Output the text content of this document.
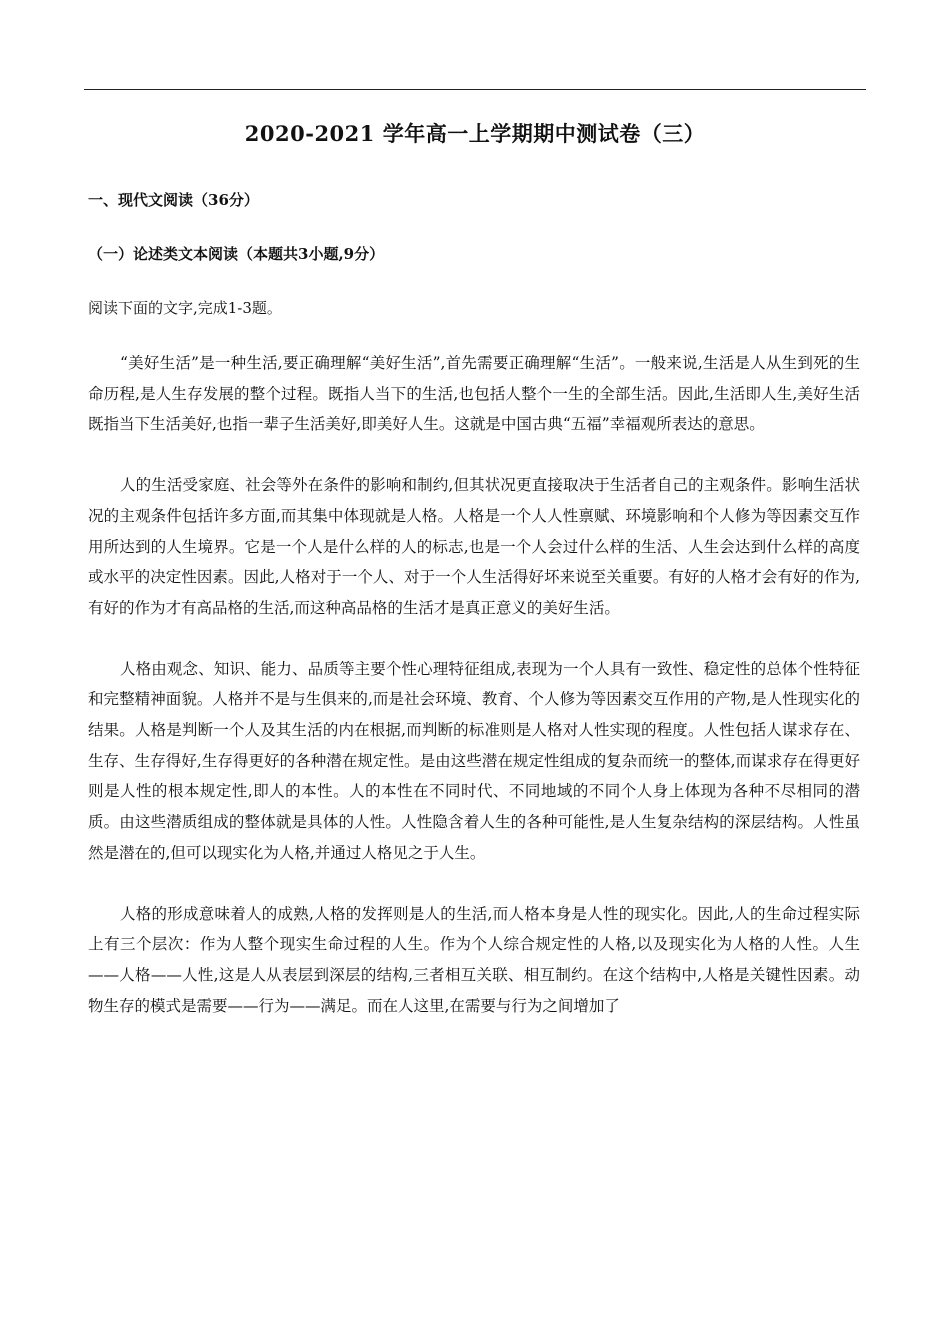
2020-2021 学年高一上学期期中测试卷（三）
一、现代文阅读（36分）
（一）论述类文本阅读（本题共3小题,9分）
阅读下面的文字,完成1-3题。

“美好生活”是一种生活,要正确理解“美好生活”,首先需要正确理解“生活”。一般来说,生活是人从生到死的生命历程,是人生存发展的整个过程。既指人当下的生活,也包括人整个一生的全部生活。因此,生活即人生,美好生活既指当下生活美好,也指一辈子生活美好,即美好人生。这就是中国古典“五福”幸福观所表达的意思。

人的生活受家庭、社会等外在条件的影响和制约,但其状况更直接取决于生活者自己的主观条件。影响生活状况的主观条件包括许多方面,而其集中体现就是人格。人格是一个人人性禀赋、环境影响和个人修为等因素交互作用所达到的人生境界。它是一个人是什么样的人的标志,也是一个人会过什么样的生活、人生会达到什么样的高度或水平的决定性因素。因此,人格对于一个人、对于一个人生活得好坏来说至关重要。有好的人格才会有好的作为,有好的作为才有高品格的生活,而这种高品格的生活才是真正意义的美好生活。

人格由观念、知识、能力、品质等主要个性心理特征组成,表现为一个人具有一致性、稳定性的总体个性特征和完整精神面貌。人格并不是与生俱来的,而是社会环境、教育、个人修为等因素交互作用的产物,是人性现实化的结果。人格是判断一个人及其生活的内在根据,而判断的标准则是人格对人性实现的程度。人性包括人谋求存在、生存、生存得好,生存得更好的各种潜在规定性。是由这些潜在规定性组成的复杂而统一的整体,而谋求存在得更好则是人性的根本规定性,即人的本性。人的本性在不同时代、不同地域的不同个人身上体现为各种不尽相同的潜质。由这些潜质组成的整体就是具体的人性。人性隐含着人生的各种可能性,是人生复杂结构的深层结构。人性虽然是潜在的,但可以现实化为人格,并通过人格见之于人生。

人格的形成意味着人的成熟,人格的发挥则是人的生活,而人格本身是人性的现实化。因此,人的生命过程实际上有三个层次：作为人整个现实生命过程的人生。作为个人综合规定性的人格,以及现实化为人格的人性。人生——人格——人性,这是人从表层到深层的结构,三者相互关联、相互制约。在这个结构中,人格是关键性因素。动物生存的模式是需要——行为——满足。而在人这里,在需要与行为之间增加了
